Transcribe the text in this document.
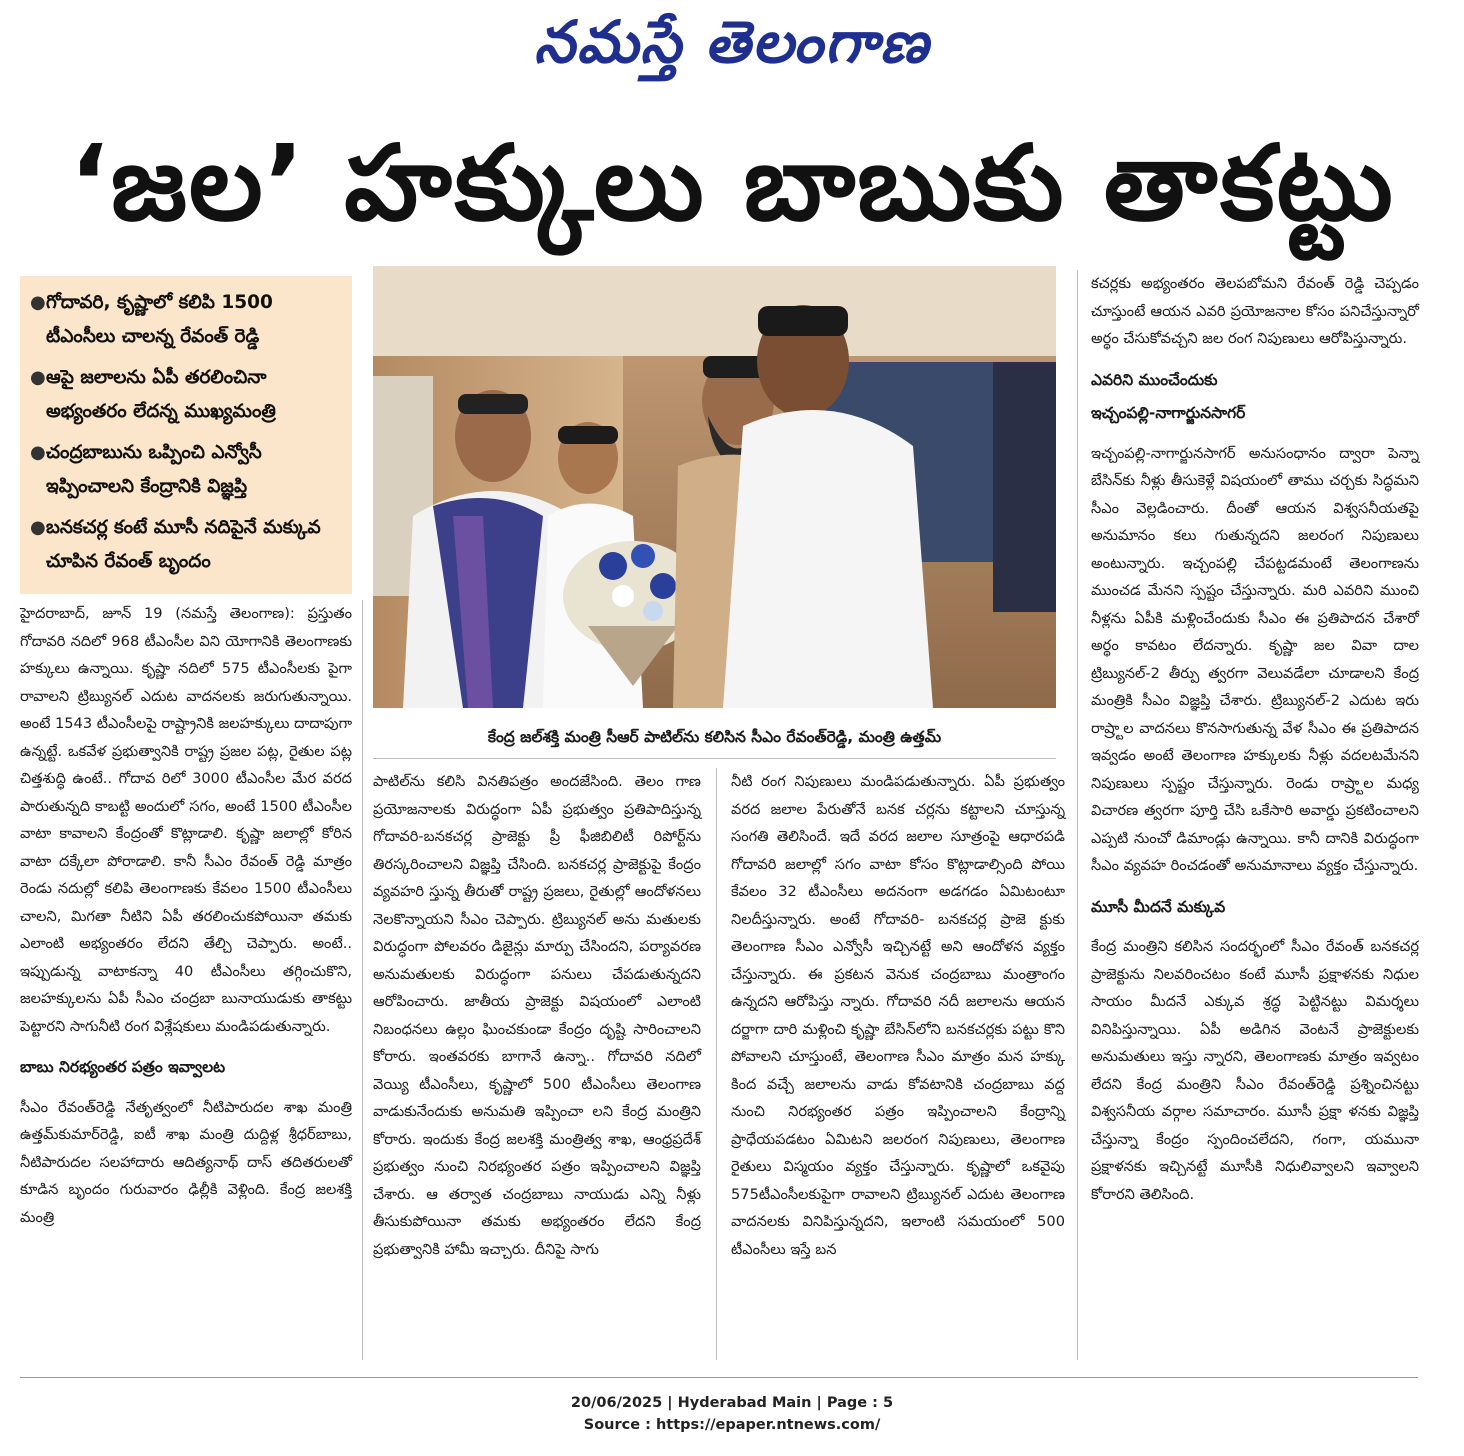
నమస్తే తెలంగాణ
‘జల’ హక్కులు బాబుకు తాకట్టు
● గోదావరి, కృష్ణాలో కలిపి 1500 టీఎంసీలు చాలన్న రేవంత్ రెడ్డి
● ఆపై జలాలను ఏపీ తరలించినా అభ్యంతరం లేదన్న ముఖ్యమంత్రి
● చంద్రబాబును ఒప్పించి ఎన్వోసీ ఇప్పించాలని కేంద్రానికి విజ్ఞప్తి
● బనకచర్ల కంటే మూసీ నదిపైనే మక్కువ చూపిన రేవంత్ బృందం
కేంద్ర జల్‌శక్తి మంత్రి సీఆర్ పాటిల్‌ను కలిసిన సీఎం రేవంత్‌రెడ్డి, మంత్రి ఉత్తమ్

హైదరాబాద్, జూన్ 19 (నమస్తే తెలంగాణ): ప్రస్తుతం గోదావరి నదిలో 968 టీఎంసీల విని యోగానికి తెలంగాణకు హక్కులు ఉన్నాయి. కృష్ణా నదిలో 575 టీఎంసీలకు పైగా రావాలని ట్రిబ్యునల్ ఎదుట వాదనలకు జరుగుతున్నాయి. అంటే 1543 టీఎంసీలపై రాష్ట్రానికి జలహక్కులు దాదాపుగా ఉన్నట్టే. ఒకవేళ ప్రభుత్వానికి రాష్ట్ర ప్రజల పట్ల, రైతుల పట్ల చిత్తశుద్ధి ఉంటే.. గోదావ రిలో 3000 టీఎంసీల మేర వరద పారుతున్నది కాబట్టి అందులో సగం, అంటే 1500 టీఎంసీల వాటా కావాలని కేంద్రంతో కొట్లాడాలి. కృష్ణా జలాల్లో కోరిన వాటా దక్కేలా పోరాడాలి. కానీ సీఎం రేవంత్ రెడ్డి మాత్రం రెండు నదుల్లో కలిపి తెలంగాణకు కేవలం 1500 టీఎంసీలు చాలని, మిగతా నీటిని ఏపీ తరలించుకపోయినా తమకు ఎలాంటి అభ్యంతరం లేదని తేల్చి చెప్పారు. అంటే.. ఇప్పుడున్న వాటాకన్నా 40 టీఎంసీలు తగ్గించుకొని, జలహక్కులను ఏపీ సీఎం చంద్రబా బునాయుడుకు తాకట్టు పెట్టారని సాగునీటి రంగ విశ్లేషకులు మండిపడుతున్నారు.

బాబు నిరభ్యంతర పత్రం ఇవ్వాలట

సీఎం రేవంత్‌రెడ్డి నేతృత్వంలో నీటిపారుదల శాఖ మంత్రి ఉత్తమ్‌కుమార్‌రెడ్డి, ఐటీ శాఖ మంత్రి దుద్దిళ్ల శ్రీధర్‌బాబు, నీటిపారుదల సలహాదారు ఆదిత్యనాథ్ దాస్ తదితరులతో కూడిన బృందం గురువారం ఢిల్లీకి వెళ్లింది. కేంద్ర జలశక్తి మంత్రి

పాటిల్‌ను కలిసి వినతిపత్రం అందజేసింది. తెలం గాణ ప్రయోజనాలకు విరుద్ధంగా ఏపీ ప్రభుత్వం ప్రతిపాదిస్తున్న గోదావరి-బనకచర్ల ప్రాజెక్టు ప్రీ ఫీజిబిలిటీ రిపోర్ట్‌ను తిరస్కరించాలని విజ్ఞప్తి చేసింది. బనకచర్ల ప్రాజెక్టుపై కేంద్రం వ్యవహరి స్తున్న తీరుతో రాష్ట్ర ప్రజలు, రైతుల్లో ఆందోళనలు నెలకొన్నాయని సీఎం చెప్పారు. ట్రిబ్యునల్ అను మతులకు విరుద్ధంగా పోలవరం డిజైన్లు మార్పు చేసిందని, పర్యావరణ అనుమతులకు విరుద్ధంగా పనులు చేపడుతున్నదని ఆరోపించారు. జాతీయ ప్రాజెక్టు విషయంలో ఎలాంటి నిబంధనలు ఉల్లం ఘించకుండా కేంద్రం దృష్టి సారించాలని కోరారు. ఇంతవరకు బాగానే ఉన్నా.. గోదావరి నదిలో వెయ్యి టీఎంసీలు, కృష్ణాలో 500 టీఎంసీలు తెలంగాణ వాడుకునేందుకు అనుమతి ఇప్పించా లని కేంద్ర మంత్రిని కోరారు. ఇందుకు కేంద్ర జలశక్తి మంత్రిత్వ శాఖ, ఆంధ్రప్రదేశ్ ప్రభుత్వం నుంచి నిరభ్యంతర పత్రం ఇప్పించాలని విజ్ఞప్తి చేశారు. ఆ తర్వాత చంద్రబాబు నాయుడు ఎన్ని నీళ్లు తీసుకుపోయినా తమకు అభ్యంతరం లేదని కేంద్ర ప్రభుత్వానికి హామీ ఇచ్చారు. దీనిపై సాగు

నీటి రంగ నిపుణులు మండిపడుతున్నారు. ఏపీ ప్రభుత్వం వరద జలాల పేరుతోనే బనక చర్లను కట్టాలని చూస్తున్న సంగతి తెలిసిందే. ఇదే వరద జలాల సూత్రంపై ఆధారపడి గోదావరి జలాల్లో సగం వాటా కోసం కొట్లాడాల్సింది పోయి కేవలం 32 టీఎంసీలు అదనంగా అడగడం ఏమిటంటూ నిలదీస్తున్నారు. అంటే గోదావరి- బనకచర్ల ప్రాజె క్టుకు తెలంగాణ సీఎం ఎన్వోసీ ఇచ్చినట్టే అని ఆందోళన వ్యక్తం చేస్తున్నారు. ఈ ప్రకటన వెనుక చంద్రబాబు మంత్రాంగం ఉన్నదని ఆరోపిస్తు న్నారు. గోదావరి నదీ జలాలను ఆయన దర్జాగా దారి మళ్లించి కృష్ణా బేసిన్‌లోని బనకచర్లకు పట్టు కొని పోవాలని చూస్తుంటే, తెలంగాణ సీఎం మాత్రం మన హక్కు కింద వచ్చే జలాలను వాడు కోవటానికి చంద్రబాబు వద్ద నుంచి నిరభ్యంతర పత్రం ఇప్పించాలని కేంద్రాన్ని ప్రాధేయపడటం ఏమిటని జలరంగ నిపుణులు, తెలంగాణ రైతులు విస్మయం వ్యక్తం చేస్తున్నారు. కృష్ణాలో ఒకవైపు 575టీఎంసీలకుపైగా రావాలని ట్రిబ్యునల్ ఎదుట తెలంగాణ వాదనలకు వినిపిస్తున్నదని, ఇలాంటి సమయంలో 500 టీఎంసీలు ఇస్తే బన

కచర్లకు అభ్యంతరం తెలపబోమని రేవంత్ రెడ్డి చెప్పడం చూస్తుంటే ఆయన ఎవరి ప్రయోజనాల కోసం పనిచేస్తున్నారో అర్థం చేసుకోవచ్చని జల రంగ నిపుణులు ఆరోపిస్తున్నారు.

ఎవరిని ముంచేందుకు
ఇచ్చంపల్లి-నాగార్జునసాగర్

ఇచ్చంపల్లి-నాగార్జునసాగర్ అనుసంధానం ద్వారా పెన్నా బేసిన్‌కు నీళ్లు తీసుకెళ్లే విషయంలో తాము చర్చకు సిద్ధమని సీఎం వెల్లడించారు. దీంతో ఆయన విశ్వసనీయతపై అనుమానం కలు గుతున్నదని జలరంగ నిపుణులు అంటున్నారు. ఇచ్చంపల్లి చేపట్టడమంటే తెలంగాణను ముంచడ మేనని స్పష్టం చేస్తున్నారు. మరి ఎవరిని ముంచి నీళ్లను ఏపీకి మళ్లించేందుకు సీఎం ఈ ప్రతిపాదన చేశారో అర్థం కావటం లేదన్నారు. కృష్ణా జల వివా దాల ట్రిబ్యునల్-2 తీర్పు త్వరగా వెలువడేలా చూడాలని కేంద్ర మంత్రికి సీఎం విజ్ఞప్తి చేశారు. ట్రిబ్యునల్-2 ఎదుట ఇరు రాష్ర్టాల వాదనలు కొనసాగుతున్న వేళ సీఎం ఈ ప్రతిపాదన ఇవ్వడం అంటే తెలంగాణ హక్కులకు నీళ్లు వదలటమేనని నిపుణులు స్పష్టం చేస్తున్నారు. రెండు రాష్ర్టాల మధ్య విచారణ త్వరగా పూర్తి చేసి ఒకేసారి అవార్డు ప్రకటించాలని ఎప్పటి నుంచో డిమాండ్లు ఉన్నాయి. కానీ దానికి విరుద్ధంగా సీఎం వ్యవహ రించడంతో అనుమానాలు వ్యక్తం చేస్తున్నారు.

మూసీ మీదనే మక్కువ

కేంద్ర మంత్రిని కలిసిన సందర్భంలో సీఎం రేవంత్ బనకచర్ల ప్రాజెక్టును నిలవరించటం కంటే మూసీ ప్రక్షాళనకు నిధుల సాయం మీదనే ఎక్కువ శ్రద్ధ పెట్టినట్టు విమర్శలు వినిపిస్తున్నాయి. ఏపీ అడిగిన వెంటనే ప్రాజెక్టులకు అనుమతులు ఇస్తు న్నారని, తెలంగాణకు మాత్రం ఇవ్వటం లేదని కేంద్ర మంత్రిని సీఎం రేవంత్‌రెడ్డి ప్రశ్నించినట్టు విశ్వసనీయ వర్గాల సమాచారం. మూసీ ప్రక్షా ళనకు విజ్ఞప్తి చేస్తున్నా కేంద్రం స్పందించలేదని, గంగా, యమునా ప్రక్షాళనకు ఇచ్చినట్టే మూసీకి నిధులివ్వాలని ఇవ్వాలని కోరారని తెలిసింది.

20/06/2025 | Hyderabad Main | Page : 5
Source : https://epaper.ntnews.com/
